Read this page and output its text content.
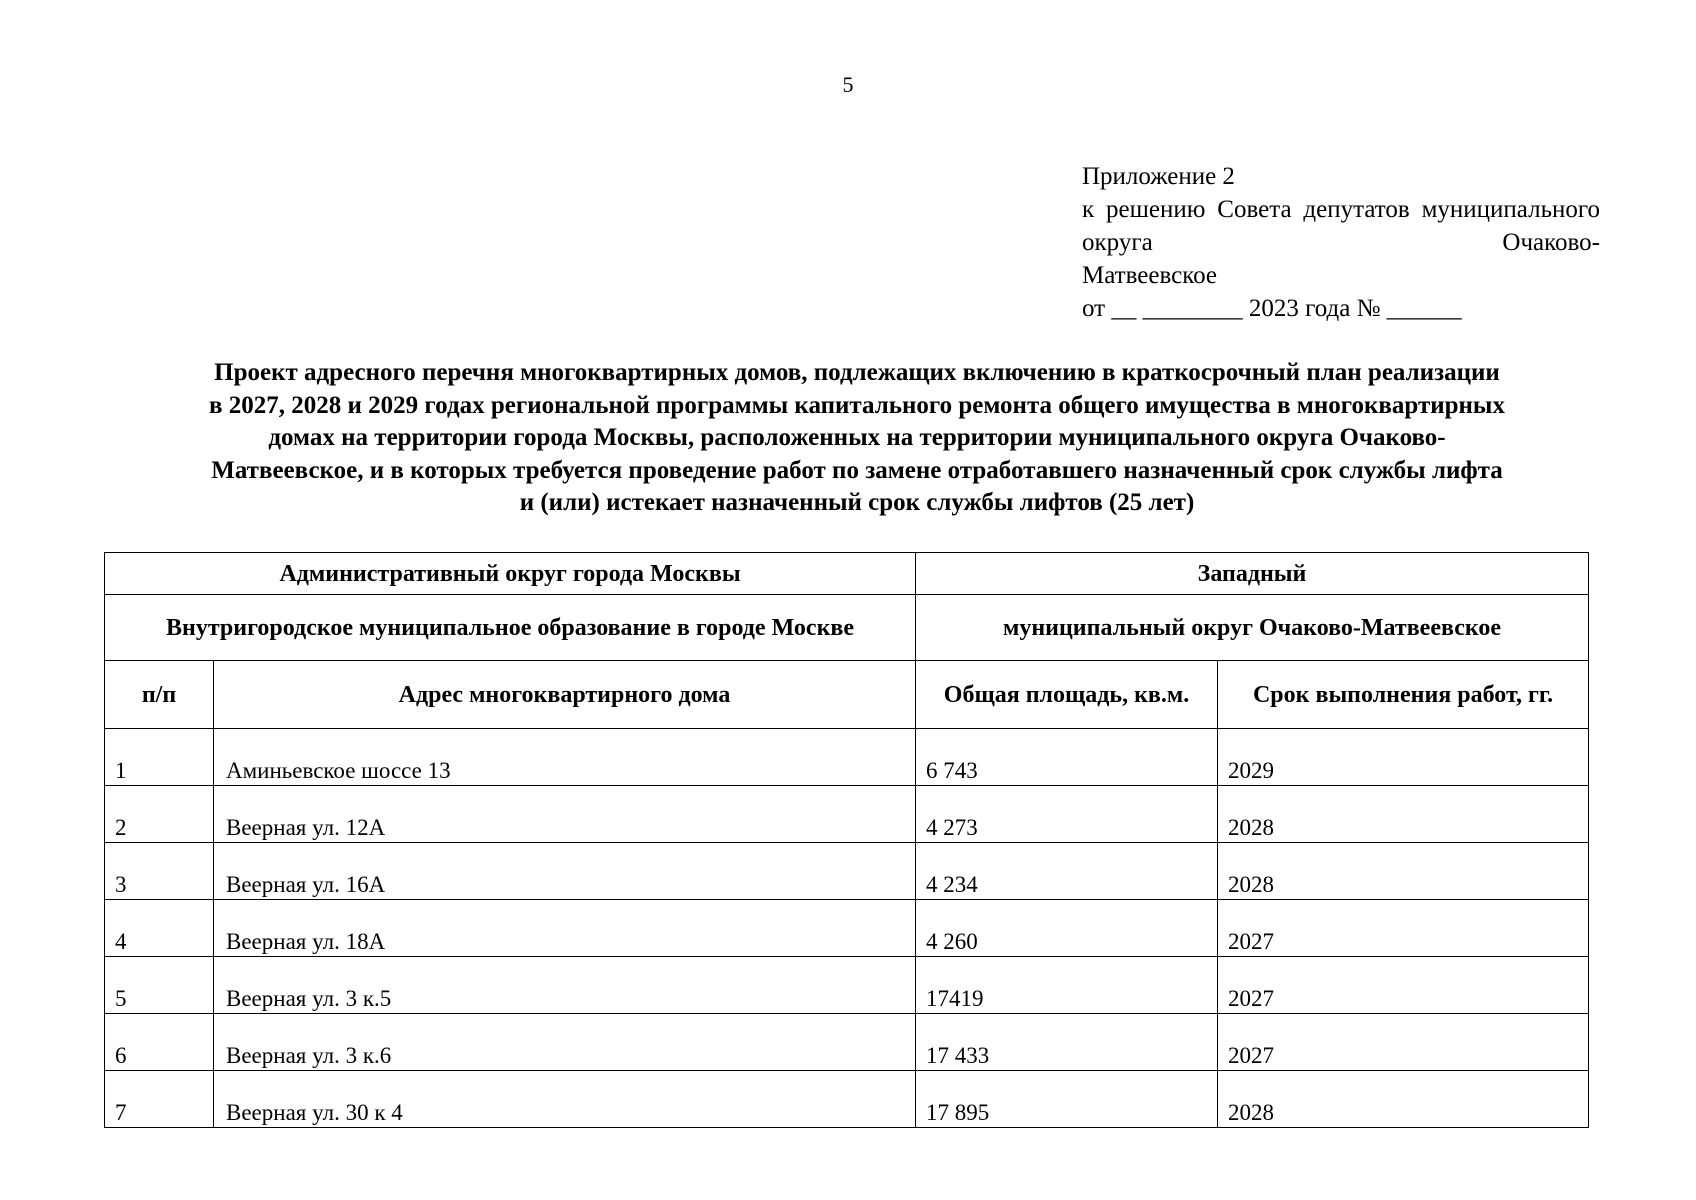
5
Приложение 2
к решению Совета депутатов муниципального округа Очаково-
Матвеевское
от __ ________ 2023 года № ______
Проект адресного перечня многоквартирных домов, подлежащих включению в краткосрочный план реализации
в 2027, 2028 и 2029 годах региональной программы капитального ремонта общего имущества в многоквартирных
домах на территории города Москвы, расположенных на территории муниципального округа Очаково-
Матвеевское, и в которых требуется проведение работ по замене отработавшего назначенный срок службы лифта
и (или) истекает назначенный срок службы лифтов (25 лет)
Административный округ города Москвы		Западный	
Внутригородское муниципальное образование в городе Москве		муниципальный округ Очаково-Матвеевское	
п/п	Адрес многоквартирного дома	Общая площадь, кв.м.	Срок выполнения работ, гг.
1	Аминьевское шоссе 13	6 743	2029
2	Веерная ул. 12А	4 273	2028
3	Веерная ул. 16А	4 234	2028
4	Веерная ул. 18А	4 260	2027
5	Веерная ул. 3 к.5	17419	2027
6	Веерная ул. 3 к.6	17 433	2027
7	Веерная ул. 30 к 4	17 895	2028
